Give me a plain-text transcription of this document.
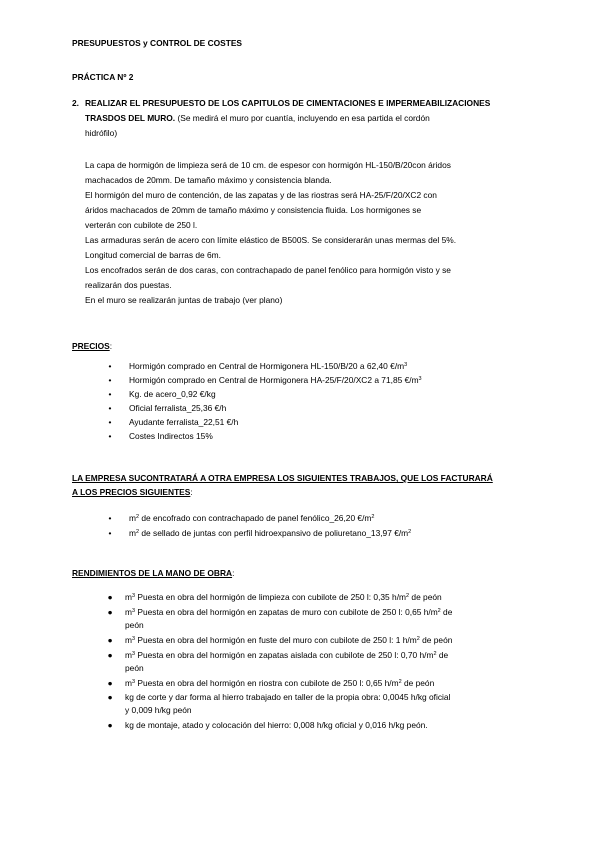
PRESUPUESTOS y CONTROL DE COSTES
PRÁCTICA Nº 2
2. REALIZAR EL PRESUPUESTO DE LOS CAPITULOS DE CIMENTACIONES E IMPERMEABILIZACIONES
TRASDOS DEL MURO. (Se medirá el muro por cuantía, incluyendo en esa partida el cordón
hidrófilo)
La capa de hormigón de limpieza será de 10 cm. de espesor con hormigón HL-150/B/20con áridos
machacados de 20mm. De tamaño máximo y consistencia blanda.
El hormigón del muro de contención, de las zapatas y de las riostras será HA-25/F/20/XC2 con
áridos machacados de 20mm de tamaño máximo y consistencia fluida. Los hormigones se
verterán con cubilote de 250 l.
Las armaduras serán de acero con límite elástico de B500S. Se considerarán unas mermas del 5%.
Longitud comercial de barras de 6m.
Los encofrados serán de dos caras, con contrachapado de panel fenólico para hormigón visto y se
realizarán dos puestas.
En el muro se realizarán juntas de trabajo (ver plano)
PRECIOS:
•	Hormigón comprado en Central de Hormigonera HL-150/B/20 a 62,40 $€/m^3$
•	Hormigón comprado en Central de Hormigonera HA-25/F/20/XC2 a 71,85 $€/m^3$
•	Kg. de acero_0,92 €/kg
•	Oficial ferralista_25,36 €/h
•	Ayudante ferralista_22,51 €/h
•	Costes Indirectos 15%
LA EMPRESA SUCONTRATARÁ A OTRA EMPRESA LOS SIGUIENTES TRABAJOS, QUE LOS FACTURARÁ
A LOS PRECIOS SIGUIENTES:
•	$m^2$ de encofrado con contrachapado de panel fenólico_26,20 $€/m^2$
•	$m^2$ de sellado de juntas con perfil hidroexpansivo de poliuretano_13,97 $€/m^2$
RENDIMIENTOS DE LA MANO DE OBRA:
● $m^3$ Puesta en obra del hormigón de limpieza con cubilote de 250 l: 0,35 $h/m^2$ de peón
● $m^3$ Puesta en obra del hormigón en zapatas de muro con cubilote de 250 l: 0,65 $h/m^2$ de
peón
● $m^3$ Puesta en obra del hormigón en fuste del muro con cubilote de 250 l: 1 $h/m^2$ de peón
● $m^3$ Puesta en obra del hormigón en zapatas aislada con cubilote de 250 l: 0,70 $h/m^2$ de
peón
● $m^3$ Puesta en obra del hormigón en riostra con cubilote de 250 l: 0,65 $h/m^2$ de peón
● kg de corte y dar forma al hierro trabajado en taller de la propia obra: 0,0045 h/kg oficial
y 0,009 h/kg peón
● kg de montaje, atado y colocación del hierro: 0,008 h/kg oficial y 0,016 h/kg peón.
